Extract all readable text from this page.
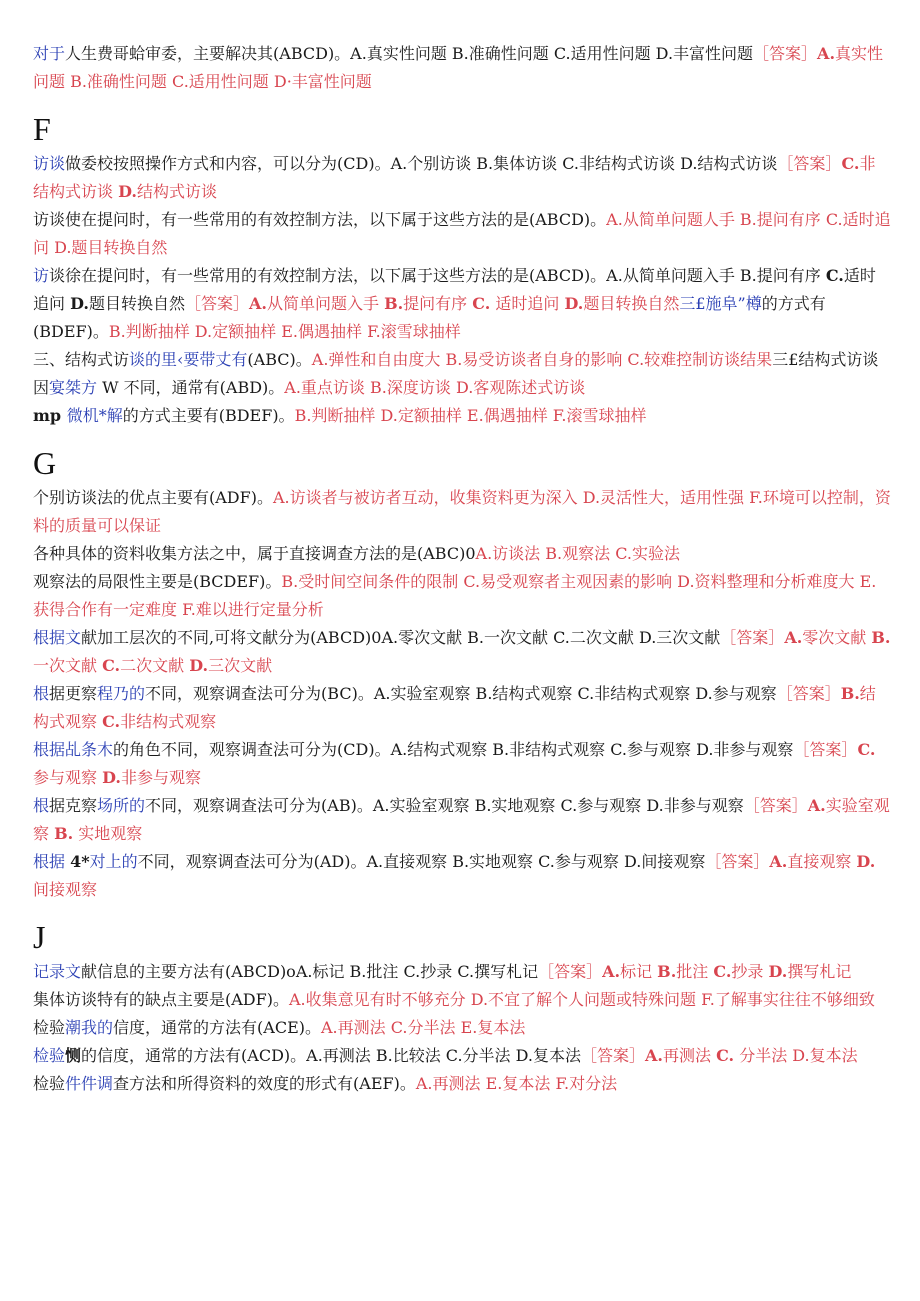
对于人生费哥蛤审委，主要解决其(ABCD)。A.真实性问题 B.准确性问题 C.适用性问题 D.丰富性问题［答案］A.真实性问题 B.准确性问题 C.适用性问题 D·丰富性问题

F

访谈做委校按照操作方式和内容，可以分为(CD)。A.个别访谈 B.集体访谈 C.非结构式访谈 D.结构式访谈［答案］C.非结构式访谈 D.结构式访谈

访谈使在提问时，有一些常用的有效控制方法，以下属于这些方法的是(ABCD)。A.从简单问题人手 B.提问有序 C.适时追问 D.题目转换自然

访谈徐在提问时，有一些常用的有效控制方法，以下属于这些方法的是(ABCD)。A.从简单问题入手 B.提问有序 C.适时追问 D.题目转换自然［答案］A.从简单问题入手 B.提问有序 C. 适时追问 D.题目转换自然三£施阜”樽的方式有(BDEF)。B.判断抽样 D.定额抽样 E.偶遇抽样 F.滚雪球抽样

三、结构式访谈的里‹要带丈有(ABC)。A.弹性和自由度大 B.易受访谈者自身的影响 C.较难控制访谈结果三£结构式访谈因宴桀方 W 不同，通常有(ABD)。A.重点访谈 B.深度访谈 D.客观陈述式访谈

mp 微机*解的方式主要有(BDEF)。B.判断抽样 D.定额抽样 E.偶遇抽样 F.滚雪球抽样

G

个别访谈法的优点主要有(ADF)。A.访谈者与被访者互动，收集资料更为深入 D.灵活性大，适用性强 F.环境可以控制，资料的质量可以保证

各种具体的资料收集方法之中，属于直接调查方法的是(ABC)0A.访谈法 B.观察法 C.实验法

观察法的局限性主要是(BCDEF)。B.受时间空间条件的限制 C.易受观察者主观因素的影响 D.资料整理和分析难度大 E.获得合作有一定难度 F.难以进行定量分析

根据文献加工层次的不同,可将文献分为(ABCD)0A.零次文献 B.一次文献 C.二次文献 D.三次文献［答案］A.零次文献 B.一次文献 C.二次文献 D.三次文献

根据更察程乃的不同，观察调查法可分为(BC)。A.实验室观察 B.结构式观察 C.非结构式观察 D.参与观察［答案］B.结构式观察 C.非结构式观察

根据乩条木的角色不同，观察调查法可分为(CD)。A.结构式观察 B.非结构式观察 C.参与观察 D.非参与观察［答案］C.参与观察 D.非参与观察

根据克察场所的不同，观察调查法可分为(AB)。A.实验室观察 B.实地观察 C.参与观察 D.非参与观察［答案］A.实验室观察 B. 实地观察

根据 4*对上的不同，观察调查法可分为(AD)。A.直接观察 B.实地观察 C.参与观察 D.间接观察［答案］A.直接观察 D. 间接观察

J

记录文献信息的主要方法有(ABCD)oA.标记 B.批注 C.抄录 C.撰写札记［答案］A.标记 B.批注 C.抄录 D.撰写札记

集体访谈特有的缺点主要是(ADF)。A.收集意见有时不够充分 D.不宜了解个人问题或特殊问题 F.了解事实往往不够细致

检验潮我的信度，通常的方法有(ACE)。A.再测法 C.分半法 E.复本法

检验恻的信度，通常的方法有(ACD)。A.再测法 B.比较法 C.分半法 D.复本法［答案］A.再测法 C. 分半法 D.复本法

检验件件调查方法和所得资料的效度的形式有(AEF)。A.再测法 E.复本法 F.对分法
